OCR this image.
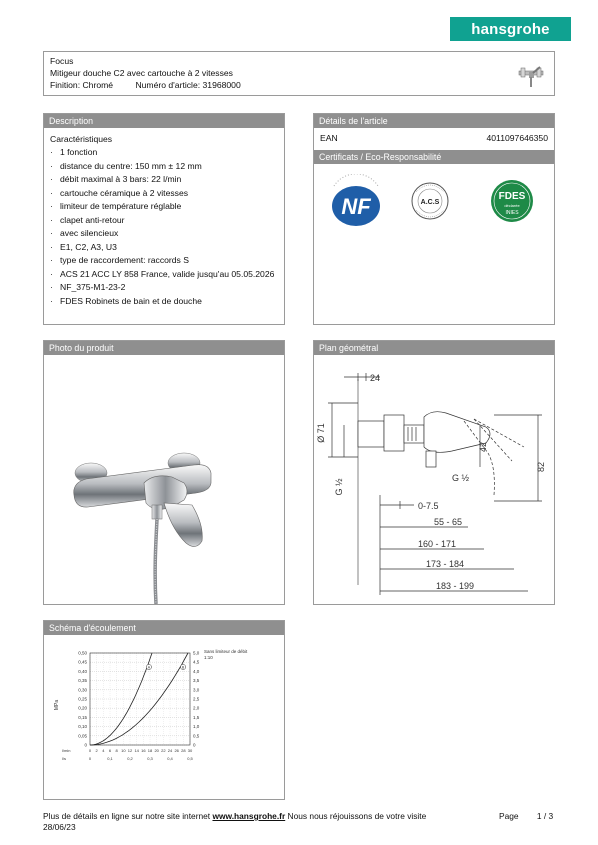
hansgrohe
Focus
Mitigeur douche C2 avec cartouche à 2 vitesses
Finition: Chromé	Numéro d'article: 31968000
Description
Caractéristiques
· 1 fonction
· distance du centre: 150 mm ± 12 mm
· débit maximal à 3 bars: 22 l/min
· cartouche céramique à 2 vitesses
· limiteur de température réglable
· clapet anti-retour
· avec silencieux
· E1, C2, A3, U3
· type de raccordement: raccords S
· ACS 21 ACC LY 858 France, valide jusqu'au 05.05.2026
· NF_375-M1-23-2
· FDES Robinets de bain et de douche
Détails de l'article
EAN	4011097646350
Certificats / Eco-Responsabilité
NF	A.C.S
FDES
déclarée
INIES
Photo du produit	Plan géométral
24
Ø 71
G ½
G ½
42
82
0-7.5
55 - 65
160 - 171
173 - 184
183 - 199
Schéma d'écoulement
Sans limiteur de débit
1:10
MPa
0,50	5,0
0,45	4,5
0,40	4,0
0,35	3,5
0,30	3,0
0,25	2,5
0,20	2,0
0,15	1,5
0,10	1,0
0,05	0,5
0	0
0 2 4 6 8 10 12 14 16 18 20 22 24 26 28 30
0	0,1	0,2	0,3	0,4	0,5
l/min
l/s
A	B
Plus de détails en ligne sur notre site internet www.hansgrohe.fr Nous nous réjouissons de votre visite
28/06/23
Page 1 / 3
